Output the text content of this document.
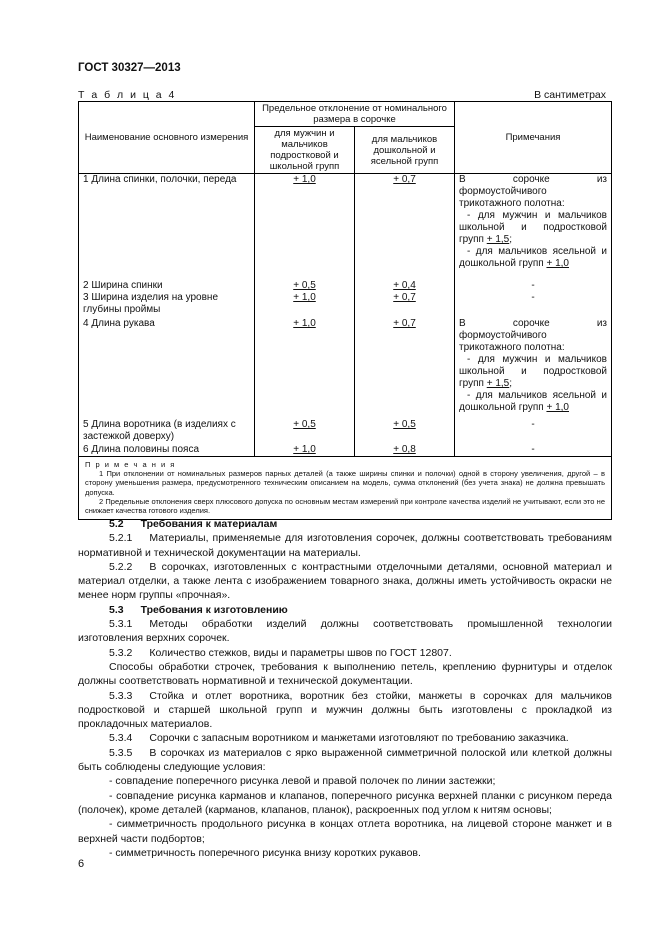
ГОСТ 30327—2013
Т а б л и ц а 4	В сантиметрах
Наименование основного измерения	Предельное отклонение от номинального размера в сорочке		Примечания
	для мужчин и мальчиков подростковой и школьной групп	для мальчиков дошкольной и ясельной групп	
1 Длина спинки, полочки, переда	+ 1,0	+ 0,7	В сорочке из формоустойчивого трикотажного полотна:
- для мужчин и мальчиков школьной и подростковой групп + 1,5;
- для мальчиков ясельной и дошкольной групп + 1,0

2 Ширина спинки	+ 0,5	+ 0,4	-
3 Ширина изделия на уровне глубины проймы	+ 1,0	+ 0,7	-
4 Длина рукава	+ 1,0	+ 0,7	В сорочке из формоустойчивого трикотажного полотна:
- для мужчин и мальчиков школьной и подростковой групп + 1,5;
- для мальчиков ясельной и дошкольной групп + 1,0

5 Длина воротника (в изделиях с застежкой доверху)	+ 0,5	+ 0,5	-
6 Длина половины пояса	+ 1,0	+ 0,8	-

П р и м е ч а н и я
1 При отклонении от номинальных размеров парных деталей (а также ширины спинки и полочки) одной в сторону увеличения, другой – в сторону уменьшения размера, предусмотренного техническим описанием на модель, сумма отклонений (без учета знака) не должна превышать допуска.
2 Предельные отклонения сверх плюсового допуска по основным местам измерений при контроле качества изделий не учитывают, если это не снижает качества готового изделия.			

5.2 Требования к материалам

5.2.1 Материалы, применяемые для изготовления сорочек, должны соответствовать требованиям нормативной и технической документации на материалы.

5.2.2 В сорочках, изготовленных с контрастными отделочными деталями, основной материал и материал отделки, а также лента с изображением товарного знака, должны иметь устойчивость окраски не менее норм группы «прочная».

5.3 Требования к изготовлению

5.3.1 Методы обработки изделий должны соответствовать промышленной технологии изготовления верхних сорочек.

5.3.2 Количество стежков, виды и параметры швов по ГОСТ 12807.

Способы обработки строчек, требования к выполнению петель, креплению фурнитуры и отделок должны соответствовать нормативной и технической документации.

5.3.3 Стойка и отлет воротника, воротник без стойки, манжеты в сорочках для мальчиков подростковой и старшей школьной групп и мужчин должны быть изготовлены с прокладкой из прокладочных материалов.

5.3.4 Сорочки с запасным воротником и манжетами изготовляют по требованию заказчика.

5.3.5 В сорочках из материалов с ярко выраженной симметричной полоской или клеткой должны быть соблюдены следующие условия:

- совпадение поперечного рисунка левой и правой полочек по линии застежки;

- совпадение рисунка карманов и клапанов, поперечного рисунка верхней планки с рисунком переда (полочек), кроме деталей (карманов, клапанов, планок), раскроенных под углом к нитям основы;

- симметричность продольного рисунка в концах отлета воротника, на лицевой стороне манжет и в верхней части подбортов;

- симметричность поперечного рисунка внизу коротких рукавов.

6
